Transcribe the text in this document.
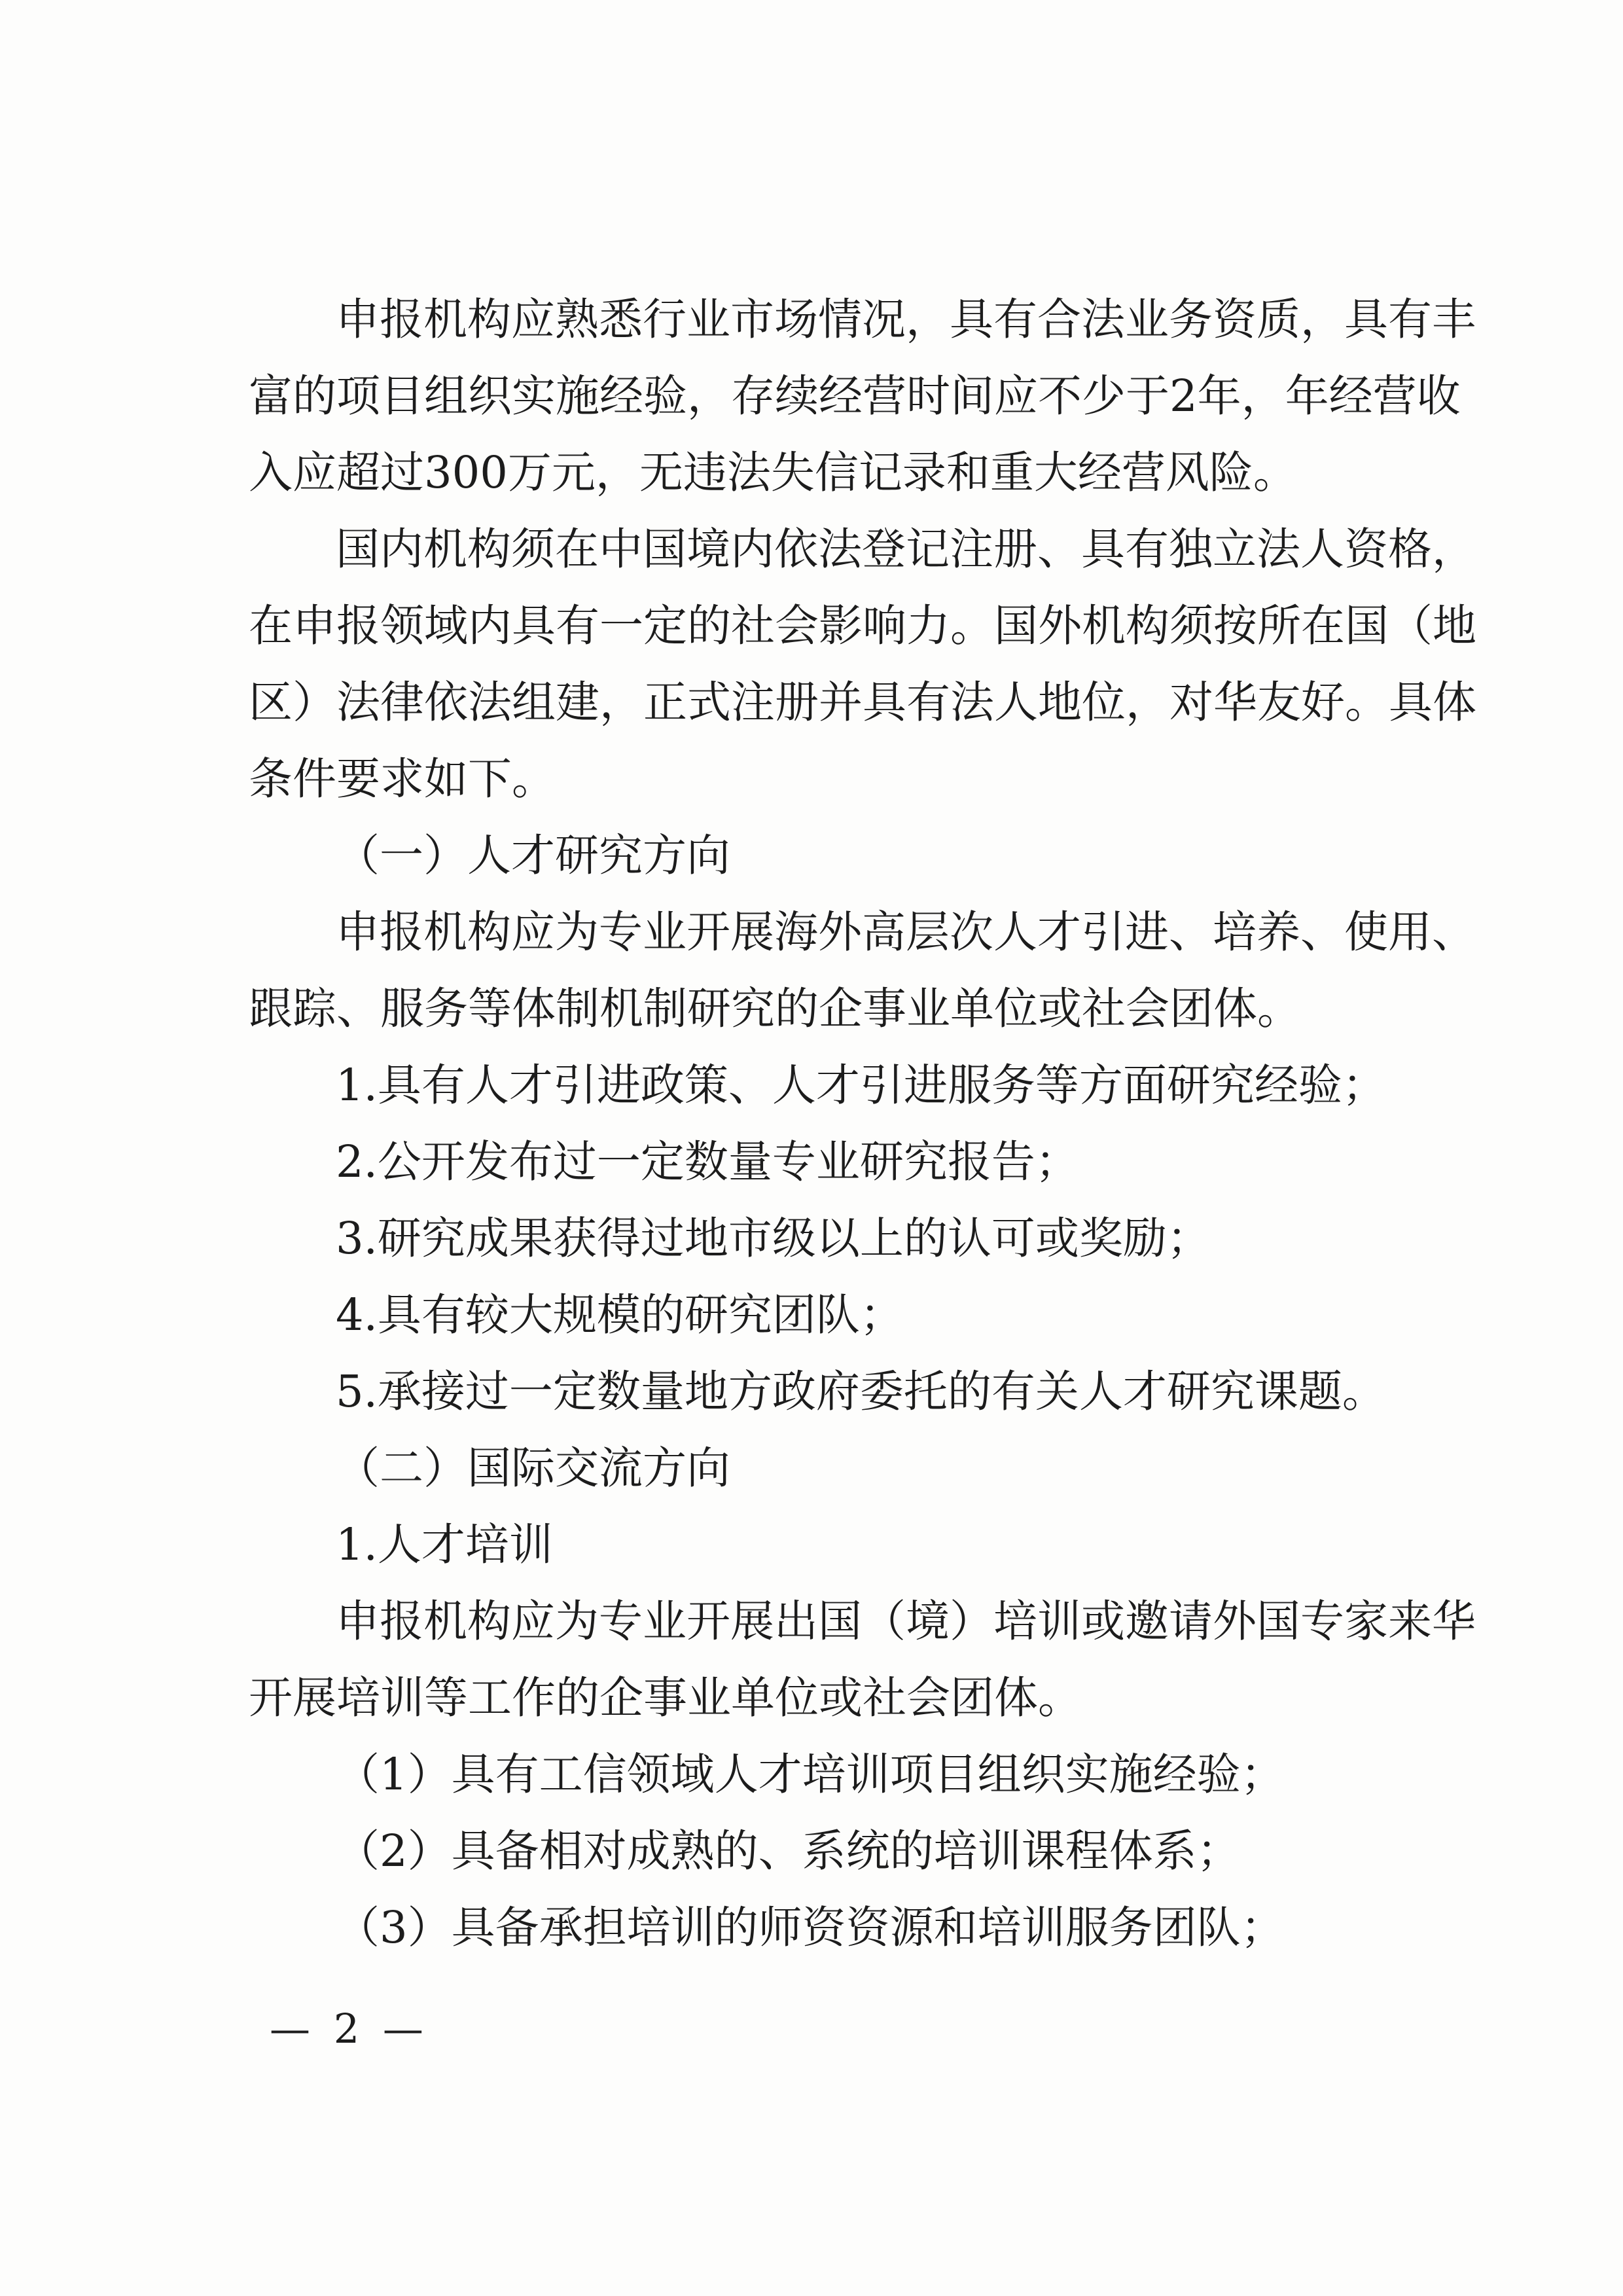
申报机构应熟悉行业市场情况，具有合法业务资质，具有丰
富的项目组织实施经验，存续经营时间应不少于2年，年经营收
入应超过300万元，无违法失信记录和重大经营风险。
国内机构须在中国境内依法登记注册、具有独立法人资格，
在申报领域内具有一定的社会影响力。国外机构须按所在国（地
区）法律依法组建，正式注册并具有法人地位，对华友好。具体
条件要求如下。
（一）人才研究方向
申报机构应为专业开展海外高层次人才引进、培养、使用、
跟踪、服务等体制机制研究的企事业单位或社会团体。
1.具有人才引进政策、人才引进服务等方面研究经验；
2.公开发布过一定数量专业研究报告；
3.研究成果获得过地市级以上的认可或奖励；
4.具有较大规模的研究团队；
5.承接过一定数量地方政府委托的有关人才研究课题。
（二）国际交流方向
1.人才培训
申报机构应为专业开展出国（境）培训或邀请外国专家来华
开展培训等工作的企事业单位或社会团体。
（1）具有工信领域人才培训项目组织实施经验；
（2）具备相对成熟的、系统的培训课程体系；
（3）具备承担培训的师资资源和培训服务团队；
— 2 —
